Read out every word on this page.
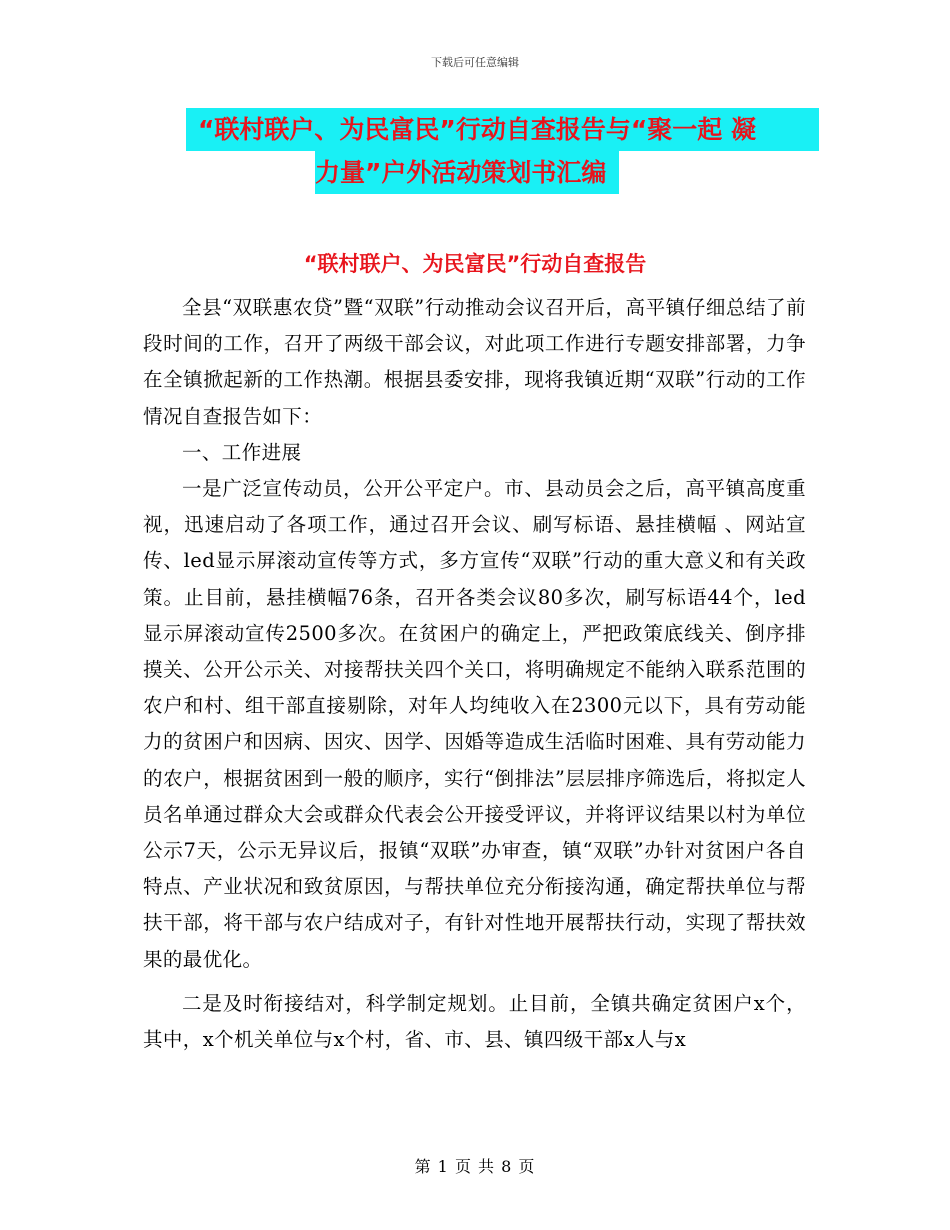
下载后可任意编辑
“联村联户、为民富民”行动自查报告与“聚一起 凝
力量”户外活动策划书汇编
“联村联户、为民富民”行动自查报告

全县“双联惠农贷”暨“双联”行动推动会议召开后，高平镇仔细总结了前段时间的工作，召开了两级干部会议，对此项工作进行专题安排部署，力争在全镇掀起新的工作热潮。根据县委安排，现将我镇近期“双联”行动的工作情况自查报告如下：

一、工作进展

一是广泛宣传动员，公开公平定户。市、县动员会之后，高平镇高度重视，迅速启动了各项工作，通过召开会议、刷写标语、悬挂横幅 、网站宣传、led显示屏滚动宣传等方式，多方宣传“双联”行动的重大意义和有关政策。止目前，悬挂横幅76条，召开各类会议80多次，刷写标语44个，led显示屏滚动宣传2500多次。在贫困户的确定上，严把政策底线关、倒序排摸关、公开公示关、对接帮扶关四个关口，将明确规定不能纳入联系范围的农户和村、组干部直接剔除，对年人均纯收入在2300元以下，具有劳动能力的贫困户和因病、因灾、因学、因婚等造成生活临时困难、具有劳动能力的农户，根据贫困到一般的顺序，实行“倒排法”层层排序筛选后，将拟定人员名单通过群众大会或群众代表会公开接受评议，并将评议结果以村为单位公示7天，公示无异议后，报镇“双联”办审查，镇“双联”办针对贫困户各自特点、产业状况和致贫原因，与帮扶单位充分衔接沟通，确定帮扶单位与帮扶干部，将干部与农户结成对子，有针对性地开展帮扶行动，实现了帮扶效果的最优化。

二是及时衔接结对，科学制定规划。止目前，全镇共确定贫困户x个，其中，x个机关单位与x个村，省、市、县、镇四级干部x人与x

第 1 页 共 8 页
